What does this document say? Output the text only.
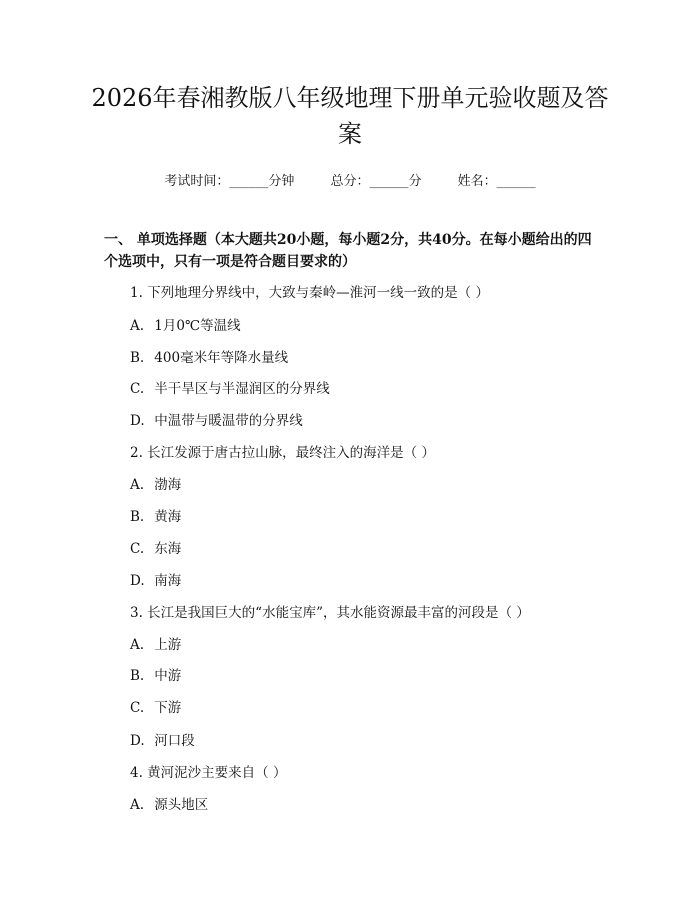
2026年春湘教版八年级地理下册单元验收题及答案
考试时间：______分钟	总分：______分	姓名：______
一、 单项选择题（本大题共20小题，每小题2分，共40分。在每小题给出的四个选项中，只有一项是符合题目要求的）
1. 下列地理分界线中，大致与秦岭—淮河一线一致的是（ ）
A. 1月0℃等温线
B. 400毫米年等降水量线
C. 半干旱区与半湿润区的分界线
D. 中温带与暖温带的分界线
2. 长江发源于唐古拉山脉，最终注入的海洋是（ ）
A. 渤海
B. 黄海
C. 东海
D. 南海
3. 长江是我国巨大的“水能宝库”，其水能资源最丰富的河段是（ ）
A. 上游
B. 中游
C. 下游
D. 河口段
4. 黄河泥沙主要来自（ ）
A. 源头地区
